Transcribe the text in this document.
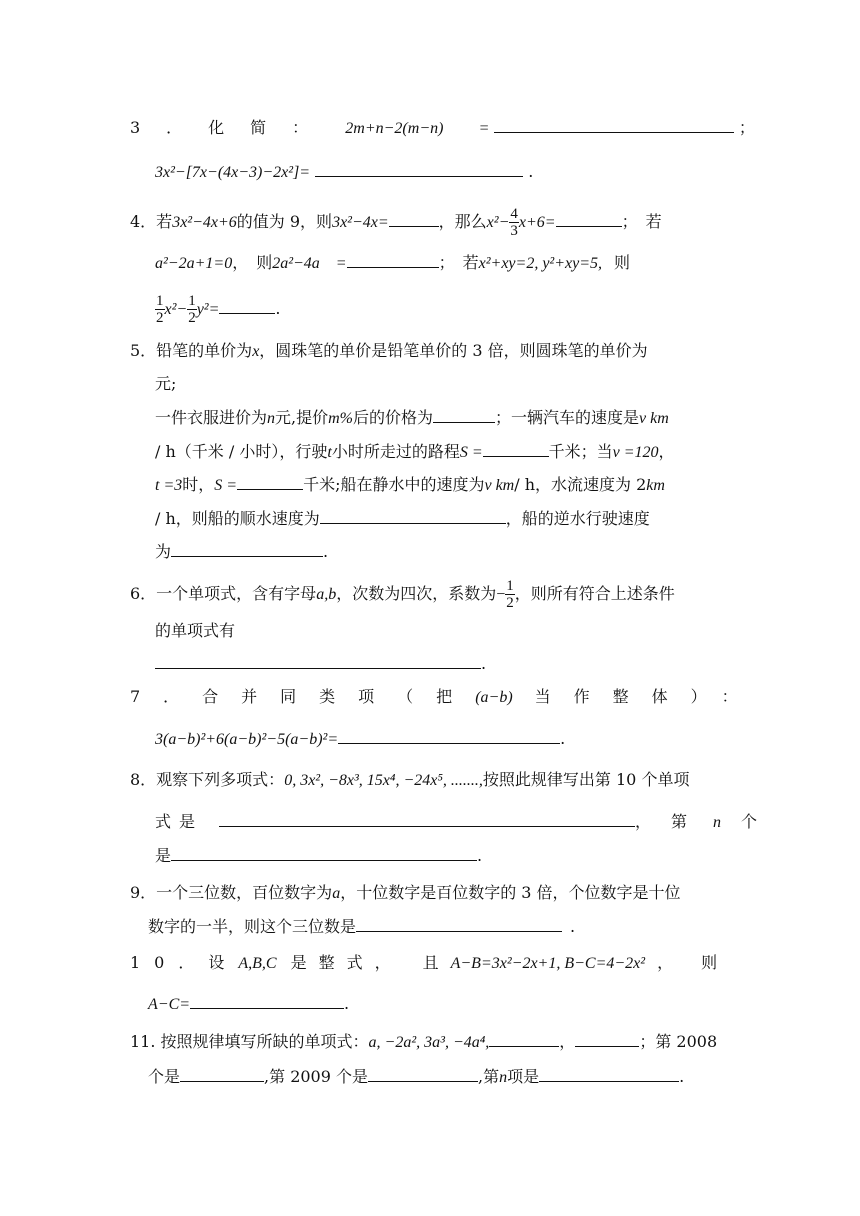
3．化简： 2m+n−2(m−n) =	；
3x²−[7x−(4x−3)−2x²]=	.
4．若3x²−4x+6的值为 9，则3x²−4x=	，那么$x^2- \frac{4}{3} x+6=$	；　若
a²−2a+1=0，　则2a²−4a　=	；　若x²+xy=2, y²+xy=5, 则
$\frac{1}{2} x^2- \frac{1}{2} y^2=$	.
5．铅笔的单价为x，圆珠笔的单价是铅笔单价的 3 倍，则圆珠笔的单价为
元;
一件衣服进价为n元,提价m%后的价格为	；一辆汽车的速度是v km
/ h（千米 / 小时），行驶t小时所走过的路程S =	千米；当v =120，
t =3时，S =	千米;船在静水中的速度为v km/ h，水流速度为 2km
/ h，则船的顺水速度为	，船的逆水行驶速度
为	.
6．一个单项式，含有字母a,b，次数为四次，系数为− $\frac{1}{2}$ ，则所有符合上述条件
的单项式有
.
7．合并同类项（把(a−b) 当作整体）：
3(a−b)²+6(a−b)²−5(a−b)²=	.
8．观察下列多项式：0, 3x², −8x³, 15x⁴, −24x⁵, .......,按照此规律写出第 10 个单项
式是	，　第 n 个
是	.
9．一个三位数，百位数字为a，十位数字是百位数字的 3 倍，个位数字是十位
数字的一半，则这个三位数是	.
10．设A,B,C 是整式，　且A−B=3x²−2x+1, B−C=4−2x² ，　则
A−C=	.
11. 按照规律填写所缺的单项式：a, −2a², 3a³, −4a⁴,	，	；第 2008
个是	,第 2009 个是	,第n项是	.
